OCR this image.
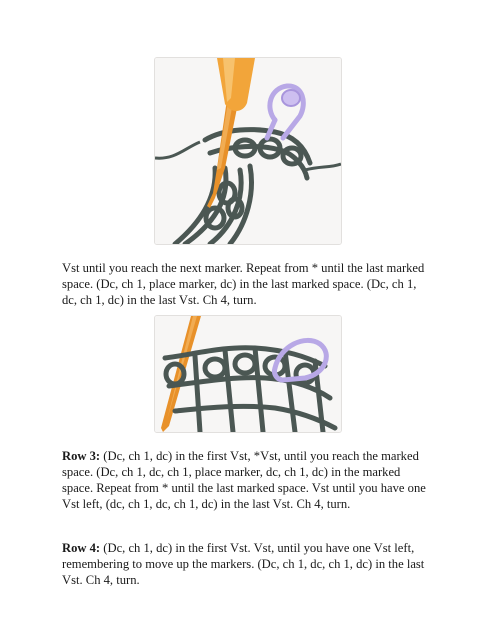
Vst until you reach the next marker. Repeat from * until the last marked space. (Dc, ch 1, place marker, dc) in the last marked space. (Dc, ch 1, dc, ch 1, dc) in the last Vst. Ch 4, turn.

Row 3: (Dc, ch 1, dc) in the first Vst, *Vst, until you reach the marked space. (Dc, ch 1, dc, ch 1, place marker, dc, ch 1, dc) in the marked space. Repeat from * until the last marked space. Vst until you have one Vst left, (dc, ch 1, dc, ch 1, dc) in the last Vst. Ch 4, turn.

Row 4: (Dc, ch 1, dc) in the first Vst. Vst, until you have one Vst left, remembering to move up the markers. (Dc, ch 1, dc, ch 1, dc) in the last Vst. Ch 4, turn.
